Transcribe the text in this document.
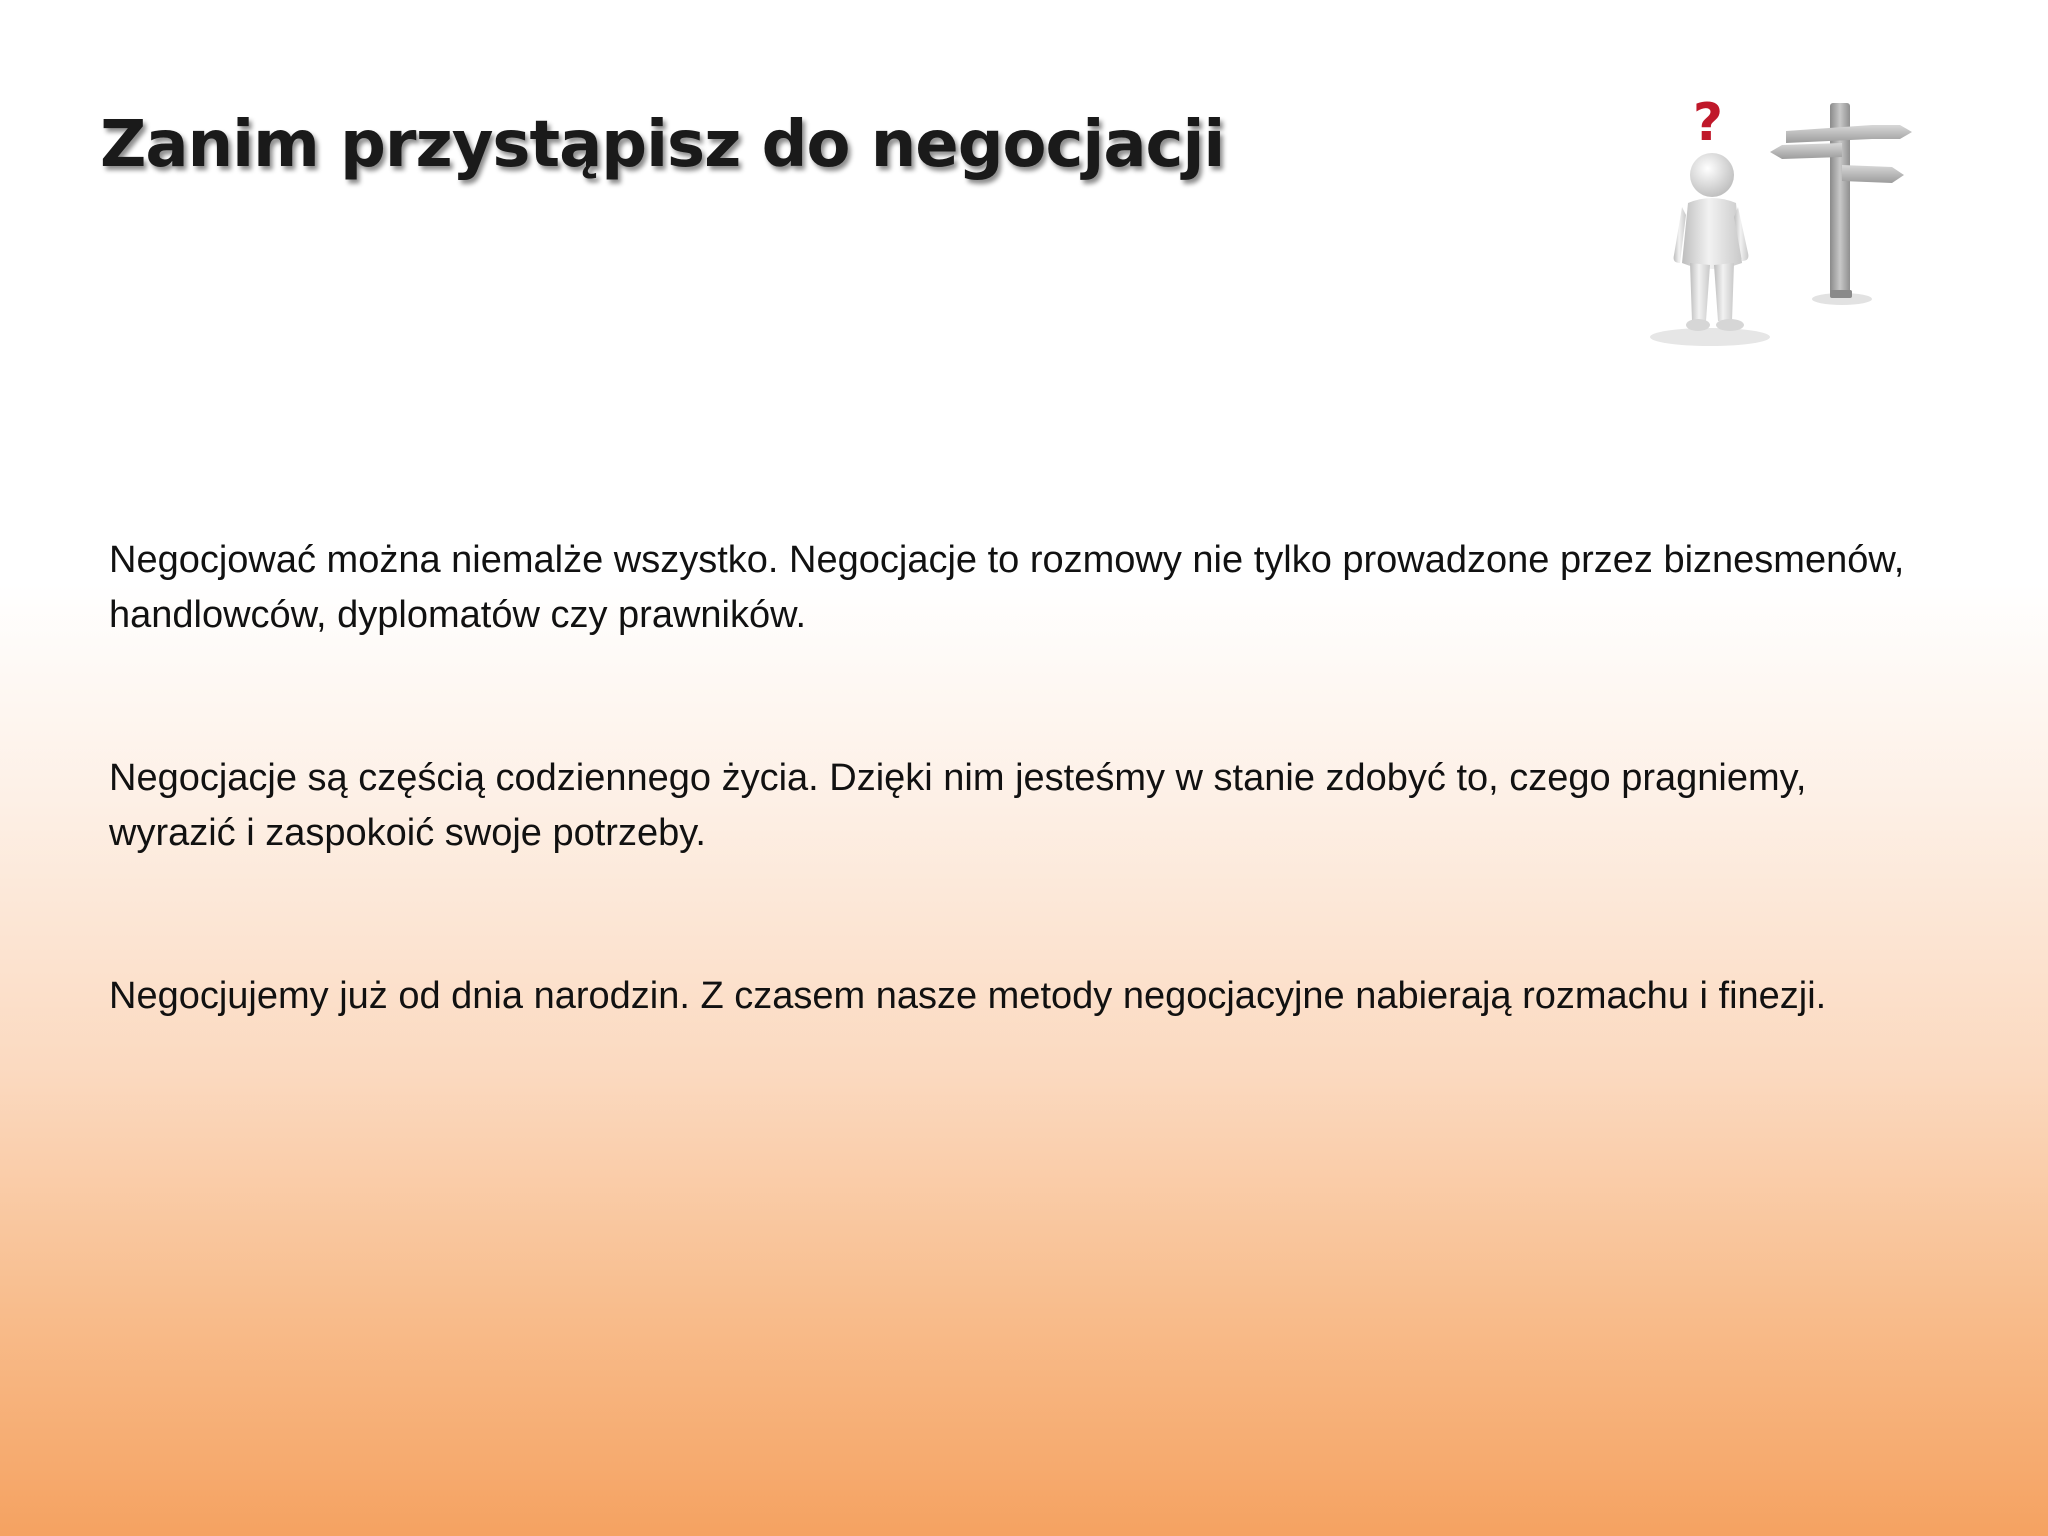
Zanim przystąpisz do negocjacji	?

Negocjować można niemalże wszystko. Negocjacje to rozmowy nie tylko prowadzone przez biznesmenów, handlowców, dyplomatów czy prawników.

Negocjacje są częścią codziennego życia. Dzięki nim jesteśmy w stanie zdobyć to, czego pragniemy, wyrazić i zaspokoić swoje potrzeby.

Negocjujemy już od dnia narodzin. Z czasem nasze metody negocjacyjne nabierają rozmachu i finezji.
